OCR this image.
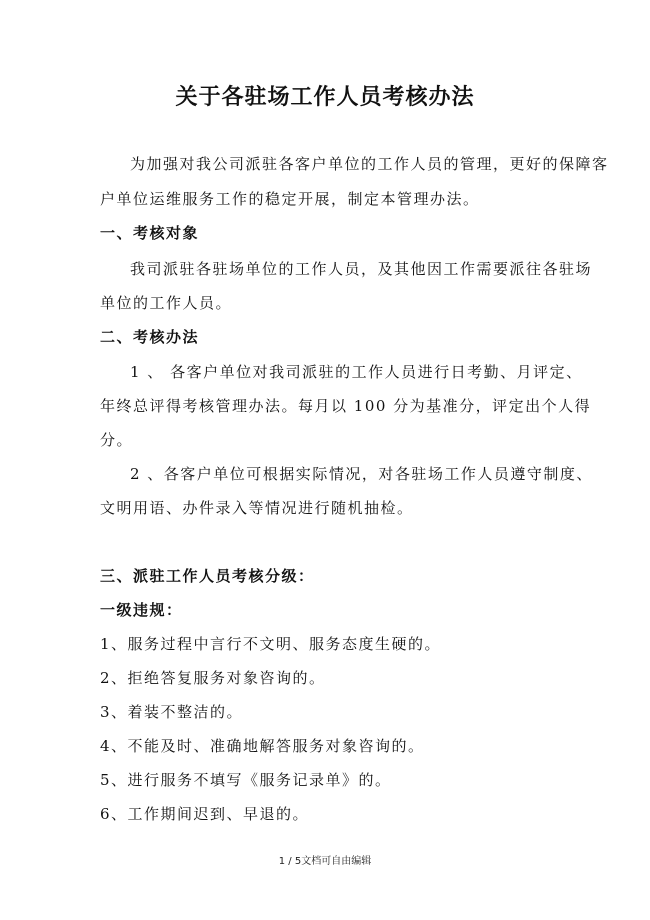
关于各驻场工作人员考核办法

为加强对我公司派驻各客户单位的工作人员的管理，更好的保障客

户单位运维服务工作的稳定开展，制定本管理办法。

一、考核对象

我司派驻各驻场单位的工作人员，及其他因工作需要派往各驻场

单位的工作人员。

二、考核办法

1 、 各客户单位对我司派驻的工作人员进行日考勤、月评定、

年终总评得考核管理办法。每月以 100 分为基准分，评定出个人得

分。

2 、各客户单位可根据实际情况，对各驻场工作人员遵守制度、

文明用语、办件录入等情况进行随机抽检。

三、派驻工作人员考核分级：

一级违规：

1、服务过程中言行不文明、服务态度生硬的。

2、拒绝答复服务对象咨询的。

3、着装不整洁的。

4、不能及时、准确地解答服务对象咨询的。

5、进行服务不填写《服务记录单》的。

6、工作期间迟到、早退的。

1 / 5文档可自由编辑
